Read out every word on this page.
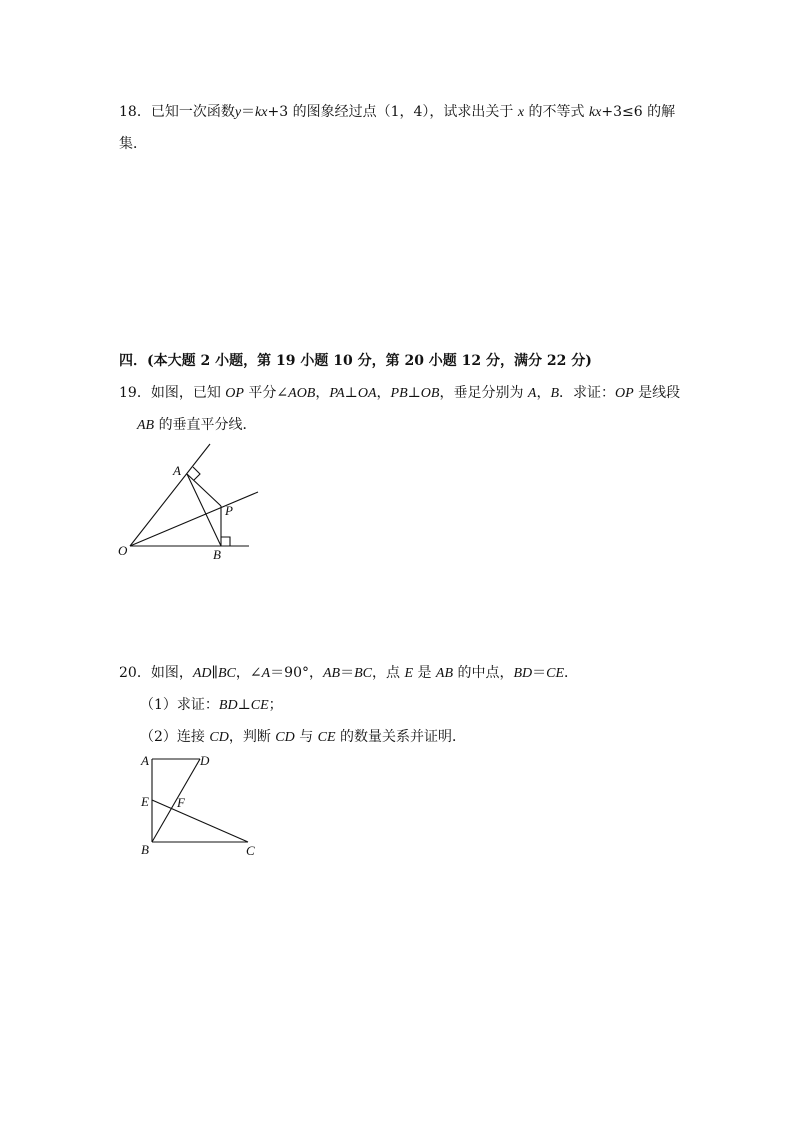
18．已知一次函数y＝kx+3 的图象经过点（1，4），试求出关于 x 的不等式 kx+3≤6 的解
集．
四．(本大题 2 小题，第 19 小题 10 分，第 20 小题 12 分，满分 22 分)
19．如图，已知 OP 平分∠AOB，PA⊥OA，PB⊥OB，垂足分别为 A，B．求证：OP 是线段
AB 的垂直平分线．
A
P
O	B
20．如图，AD∥BC，∠A＝90°，AB＝BC，点 E 是 AB 的中点，BD＝CE．
（1）求证：BD⊥CE；
（2）连接 CD，判断 CD 与 CE 的数量关系并证明．
A	D
E F
B	C
